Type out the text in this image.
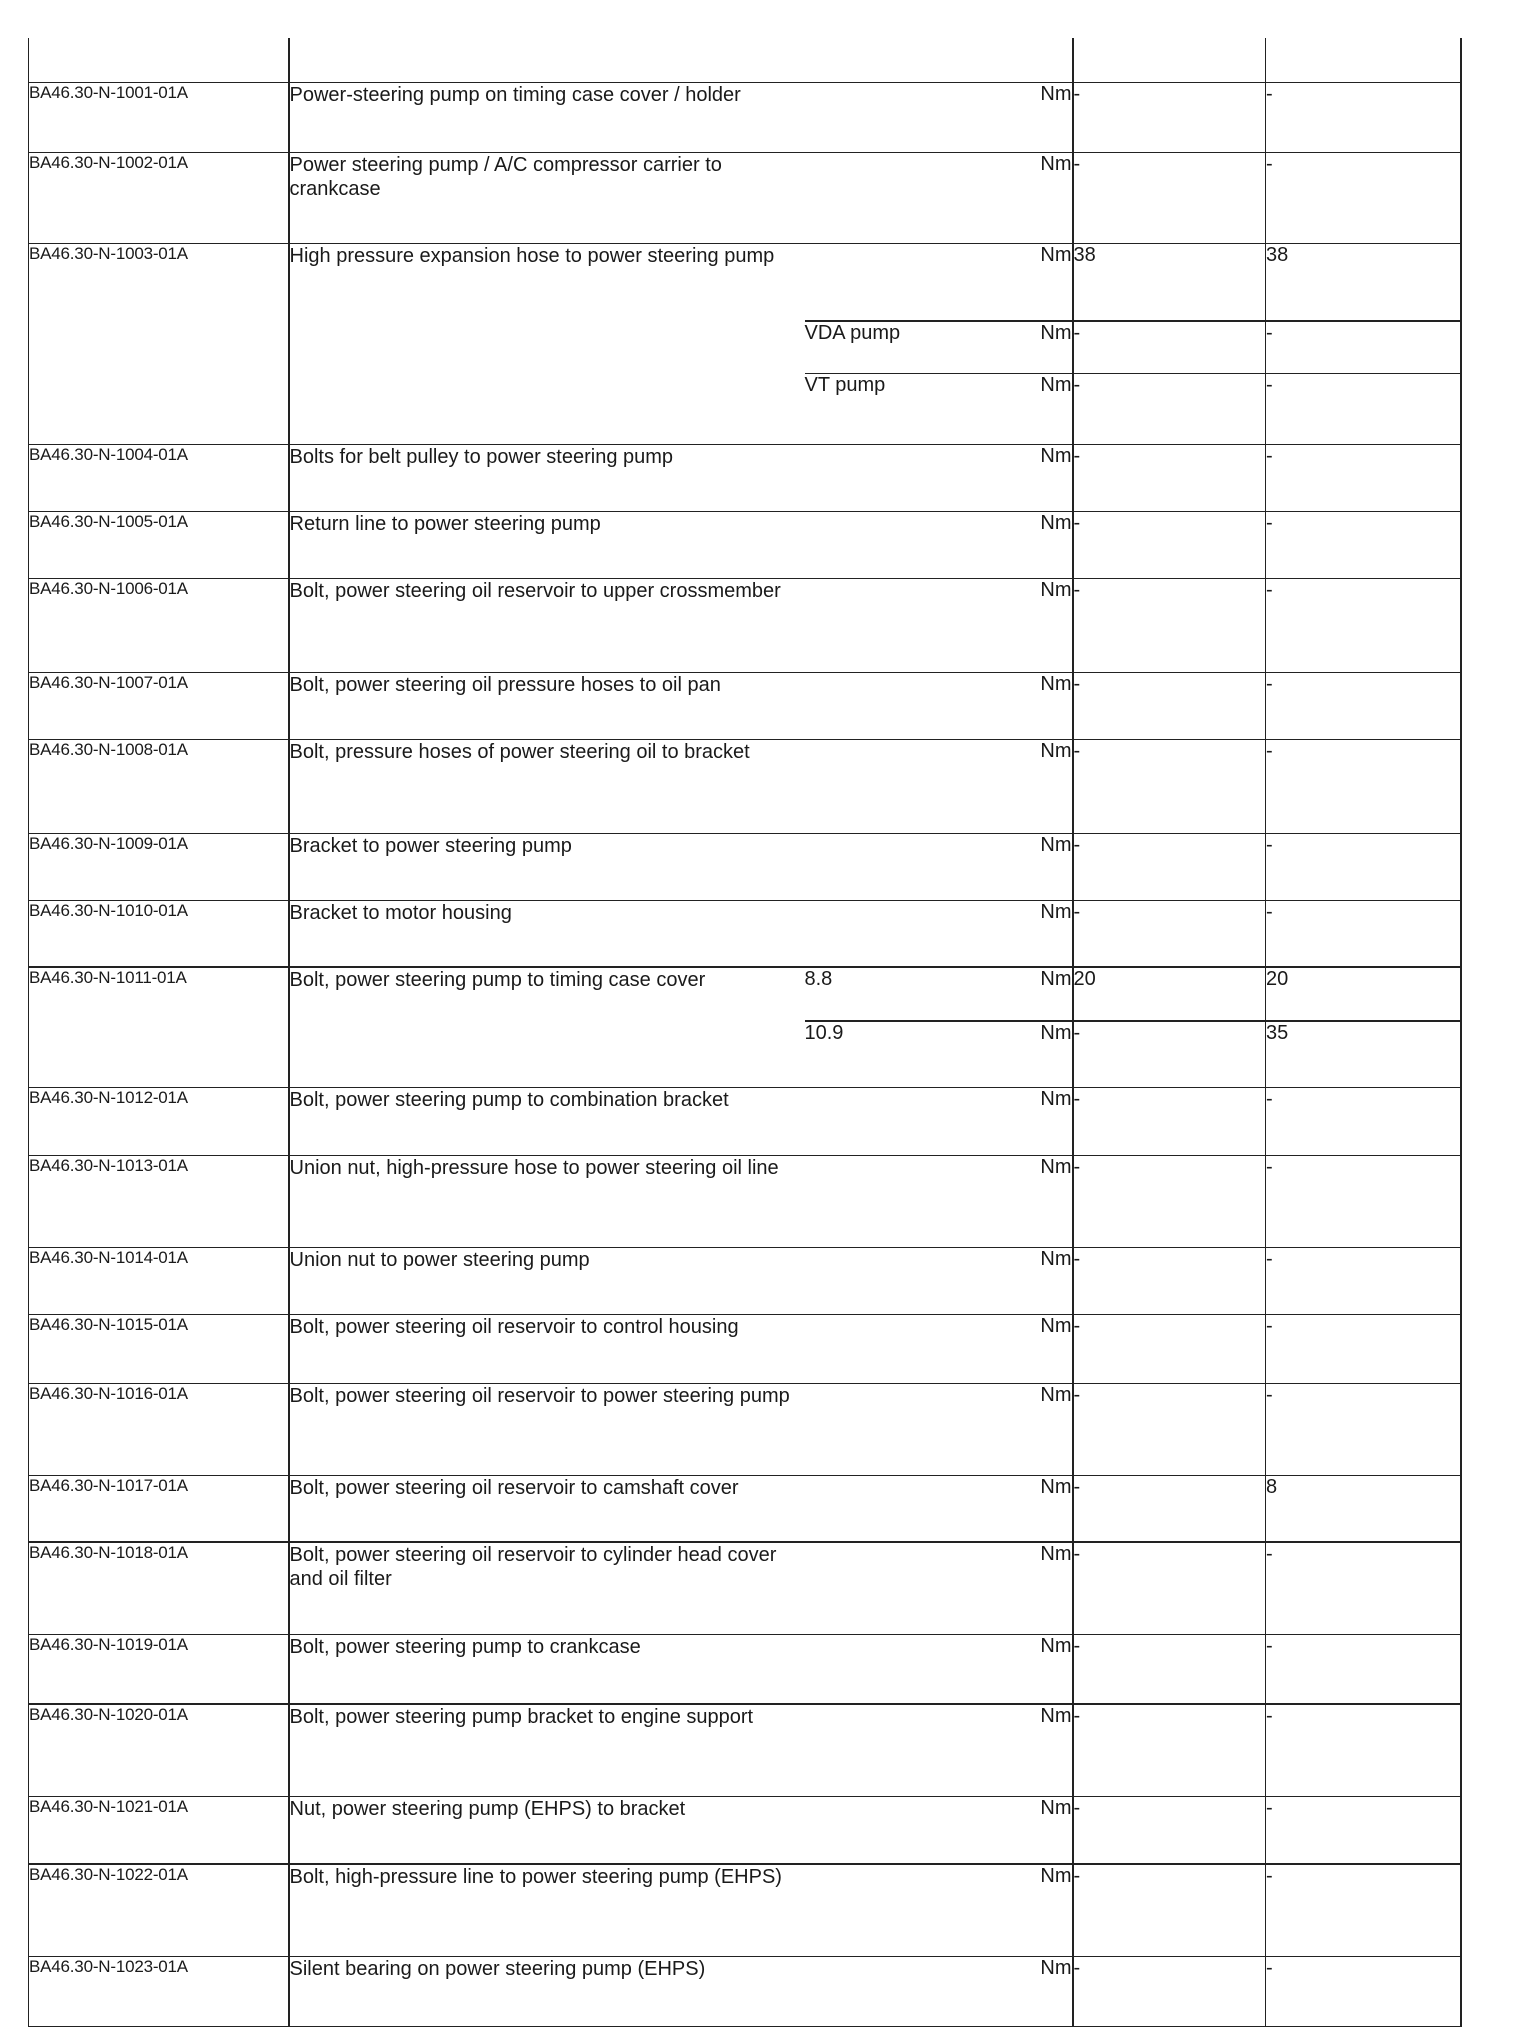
BA46.30-N-1001-01A	Power-steering pump on timing case cover / holder		Nm	-	-
BA46.30-N-1002-01A	Power steering pump / A/C compressor carrier to crankcase		Nm	-	-
BA46.30-N-1003-01A	High pressure expansion hose to power steering pump		Nm	38	38
		VDA pump	Nm	-	-
		VT pump	Nm	-	-
BA46.30-N-1004-01A	Bolts for belt pulley to power steering pump		Nm	-	-
BA46.30-N-1005-01A	Return line to power steering pump		Nm	-	-
BA46.30-N-1006-01A	Bolt, power steering oil reservoir to upper crossmember		Nm	-	-
BA46.30-N-1007-01A	Bolt, power steering oil pressure hoses to oil pan		Nm	-	-
BA46.30-N-1008-01A	Bolt, pressure hoses of power steering oil to bracket		Nm	-	-
BA46.30-N-1009-01A	Bracket to power steering pump		Nm	-	-
BA46.30-N-1010-01A	Bracket to motor housing		Nm	-	-
BA46.30-N-1011-01A	Bolt, power steering pump to timing case cover	8.8	Nm	20	20
		10.9	Nm	-	35
BA46.30-N-1012-01A	Bolt, power steering pump to combination bracket		Nm	-	-
BA46.30-N-1013-01A	Union nut, high-pressure hose to power steering oil line		Nm	-	-
BA46.30-N-1014-01A	Union nut to power steering pump		Nm	-	-
BA46.30-N-1015-01A	Bolt, power steering oil reservoir to control housing		Nm	-	-
BA46.30-N-1016-01A	Bolt, power steering oil reservoir to power steering pump		Nm	-	-
BA46.30-N-1017-01A	Bolt, power steering oil reservoir to camshaft cover		Nm	-	8
BA46.30-N-1018-01A	Bolt, power steering oil reservoir to cylinder head cover and oil filter		Nm	-	-
BA46.30-N-1019-01A	Bolt, power steering pump to crankcase		Nm	-	-
BA46.30-N-1020-01A	Bolt, power steering pump bracket to engine support		Nm	-	-
BA46.30-N-1021-01A	Nut, power steering pump (EHPS) to bracket		Nm	-	-
BA46.30-N-1022-01A	Bolt, high-pressure line to power steering pump (EHPS)		Nm	-	-
BA46.30-N-1023-01A	Silent bearing on power steering pump (EHPS)		Nm	-	-
